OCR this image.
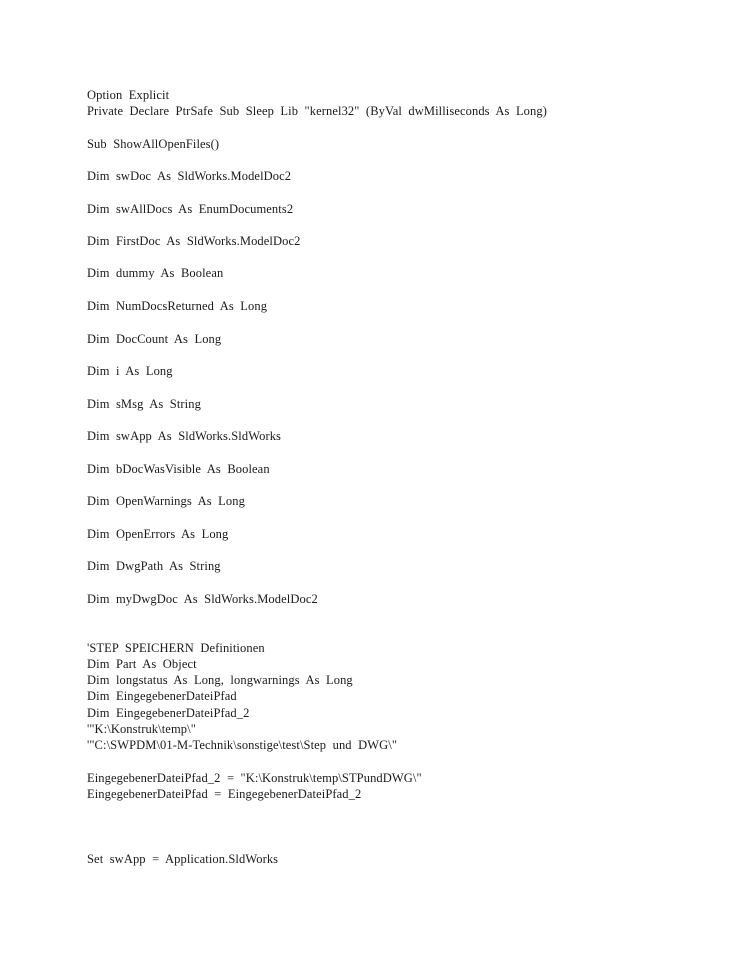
Option  Explicit
Private  Declare  PtrSafe  Sub  Sleep  Lib  "kernel32"  (ByVal  dwMilliseconds  As  Long)
Sub  ShowAllOpenFiles()
Dim  swDoc  As  SldWorks.ModelDoc2
Dim  swAllDocs  As  EnumDocuments2
Dim  FirstDoc  As  SldWorks.ModelDoc2
Dim  dummy  As  Boolean
Dim  NumDocsReturned  As  Long
Dim  DocCount  As  Long
Dim  i  As  Long
Dim  sMsg  As  String
Dim  swApp  As  SldWorks.SldWorks
Dim  bDocWasVisible  As  Boolean
Dim  OpenWarnings  As  Long
Dim  OpenErrors  As  Long
Dim  DwgPath  As  String
Dim  myDwgDoc  As  SldWorks.ModelDoc2
'STEP  SPEICHERN  Definitionen
Dim  Part  As  Object
Dim  longstatus  As  Long,  longwarnings  As  Long
Dim  EingegebenerDateiPfad
Dim  EingegebenerDateiPfad_2
'"K:\Konstruk\temp\"
'"C:\SWPDM\01-M-Technik\sonstige\test\Step  und  DWG\"
EingegebenerDateiPfad_2  =  "K:\Konstruk\temp\STPundDWG\"
EingegebenerDateiPfad  =  EingegebenerDateiPfad_2
Set  swApp  =  Application.SldWorks
